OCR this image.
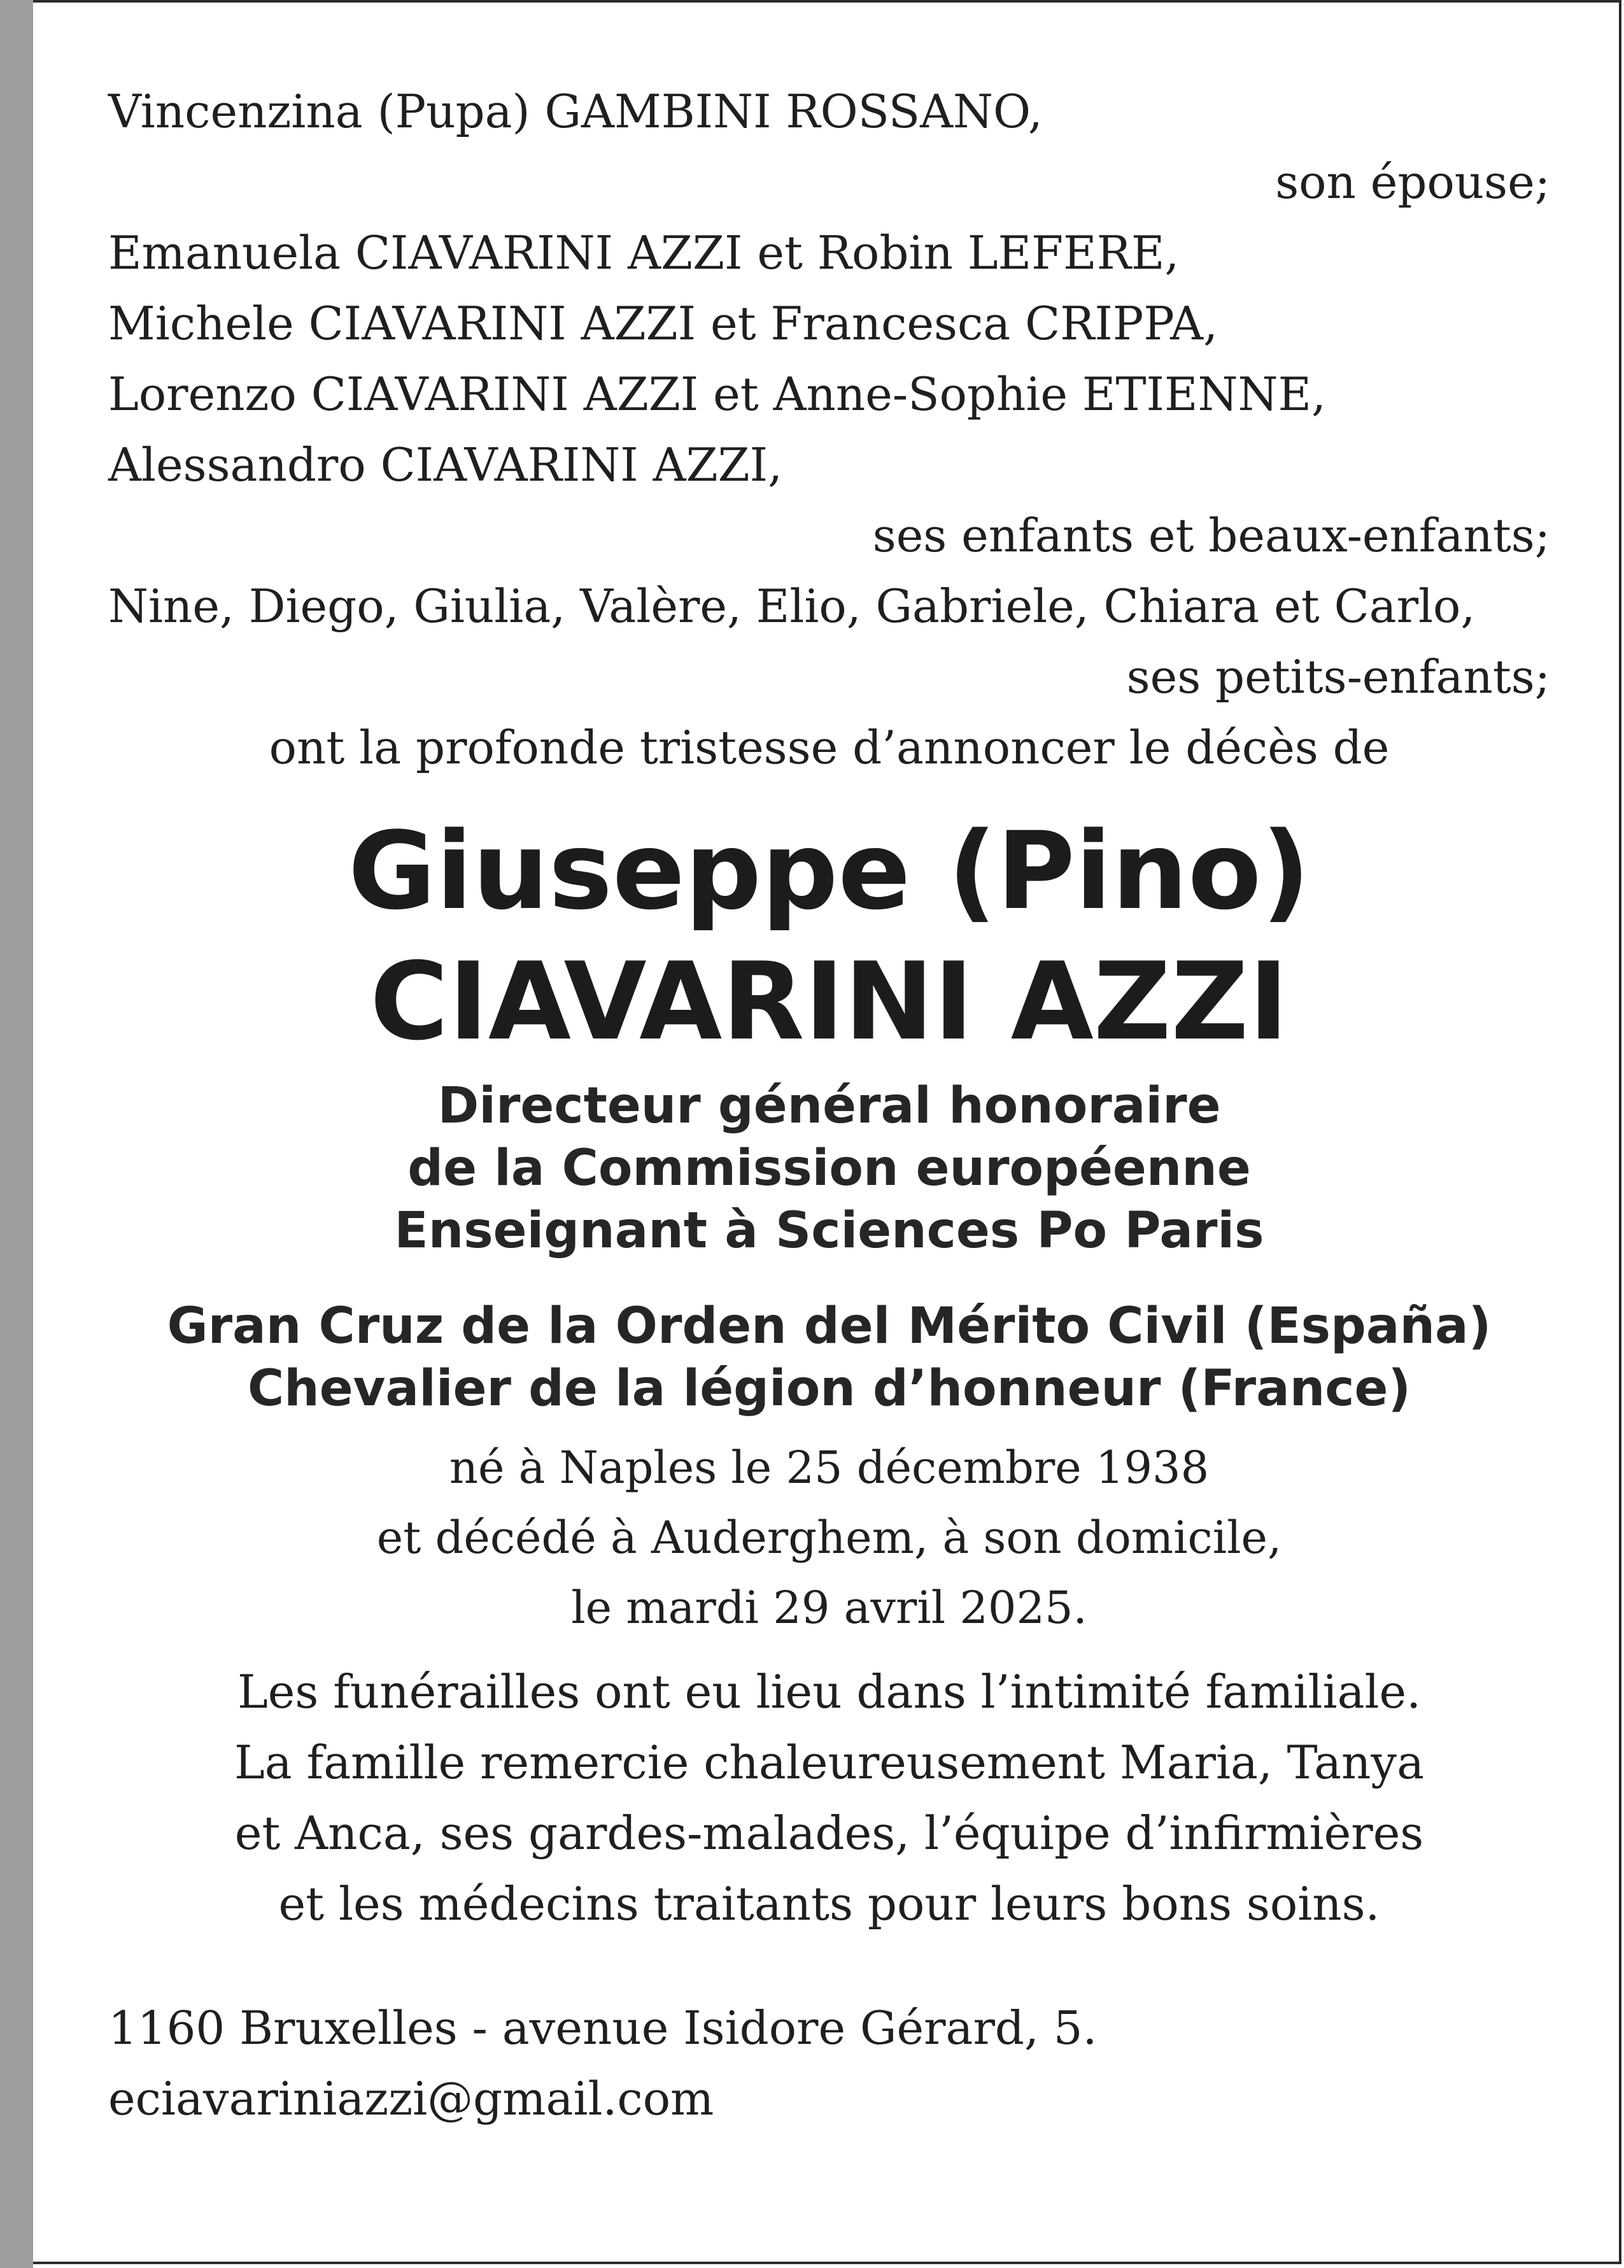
Vincenzina (Pupa) GAMBINI ROSSANO,
son épouse;
Emanuela CIAVARINI AZZI et Robin LEFERE,
Michele CIAVARINI AZZI et Francesca CRIPPA,
Lorenzo CIAVARINI AZZI et Anne-Sophie ETIENNE,
Alessandro CIAVARINI AZZI,
ses enfants et beaux-enfants;
Nine, Diego, Giulia, Valère, Elio, Gabriele, Chiara et Carlo,
ses petits-enfants;
ont la profonde tristesse d’annoncer le décès de
Giuseppe (Pino)
CIAVARINI AZZI
Directeur général honoraire
de la Commission européenne
Enseignant à Sciences Po Paris
Gran Cruz de la Orden del Mérito Civil (España)
Chevalier de la légion d’honneur (France)
né à Naples le 25 décembre 1938
et décédé à Auderghem, à son domicile,
le mardi 29 avril 2025.
Les funérailles ont eu lieu dans l’intimité familiale.
La famille remercie chaleureusement Maria, Tanya
et Anca, ses gardes-malades, l’équipe d’infirmières
et les médecins traitants pour leurs bons soins.
1160 Bruxelles - avenue Isidore Gérard, 5.
eciavariniazzi@gmail.com
